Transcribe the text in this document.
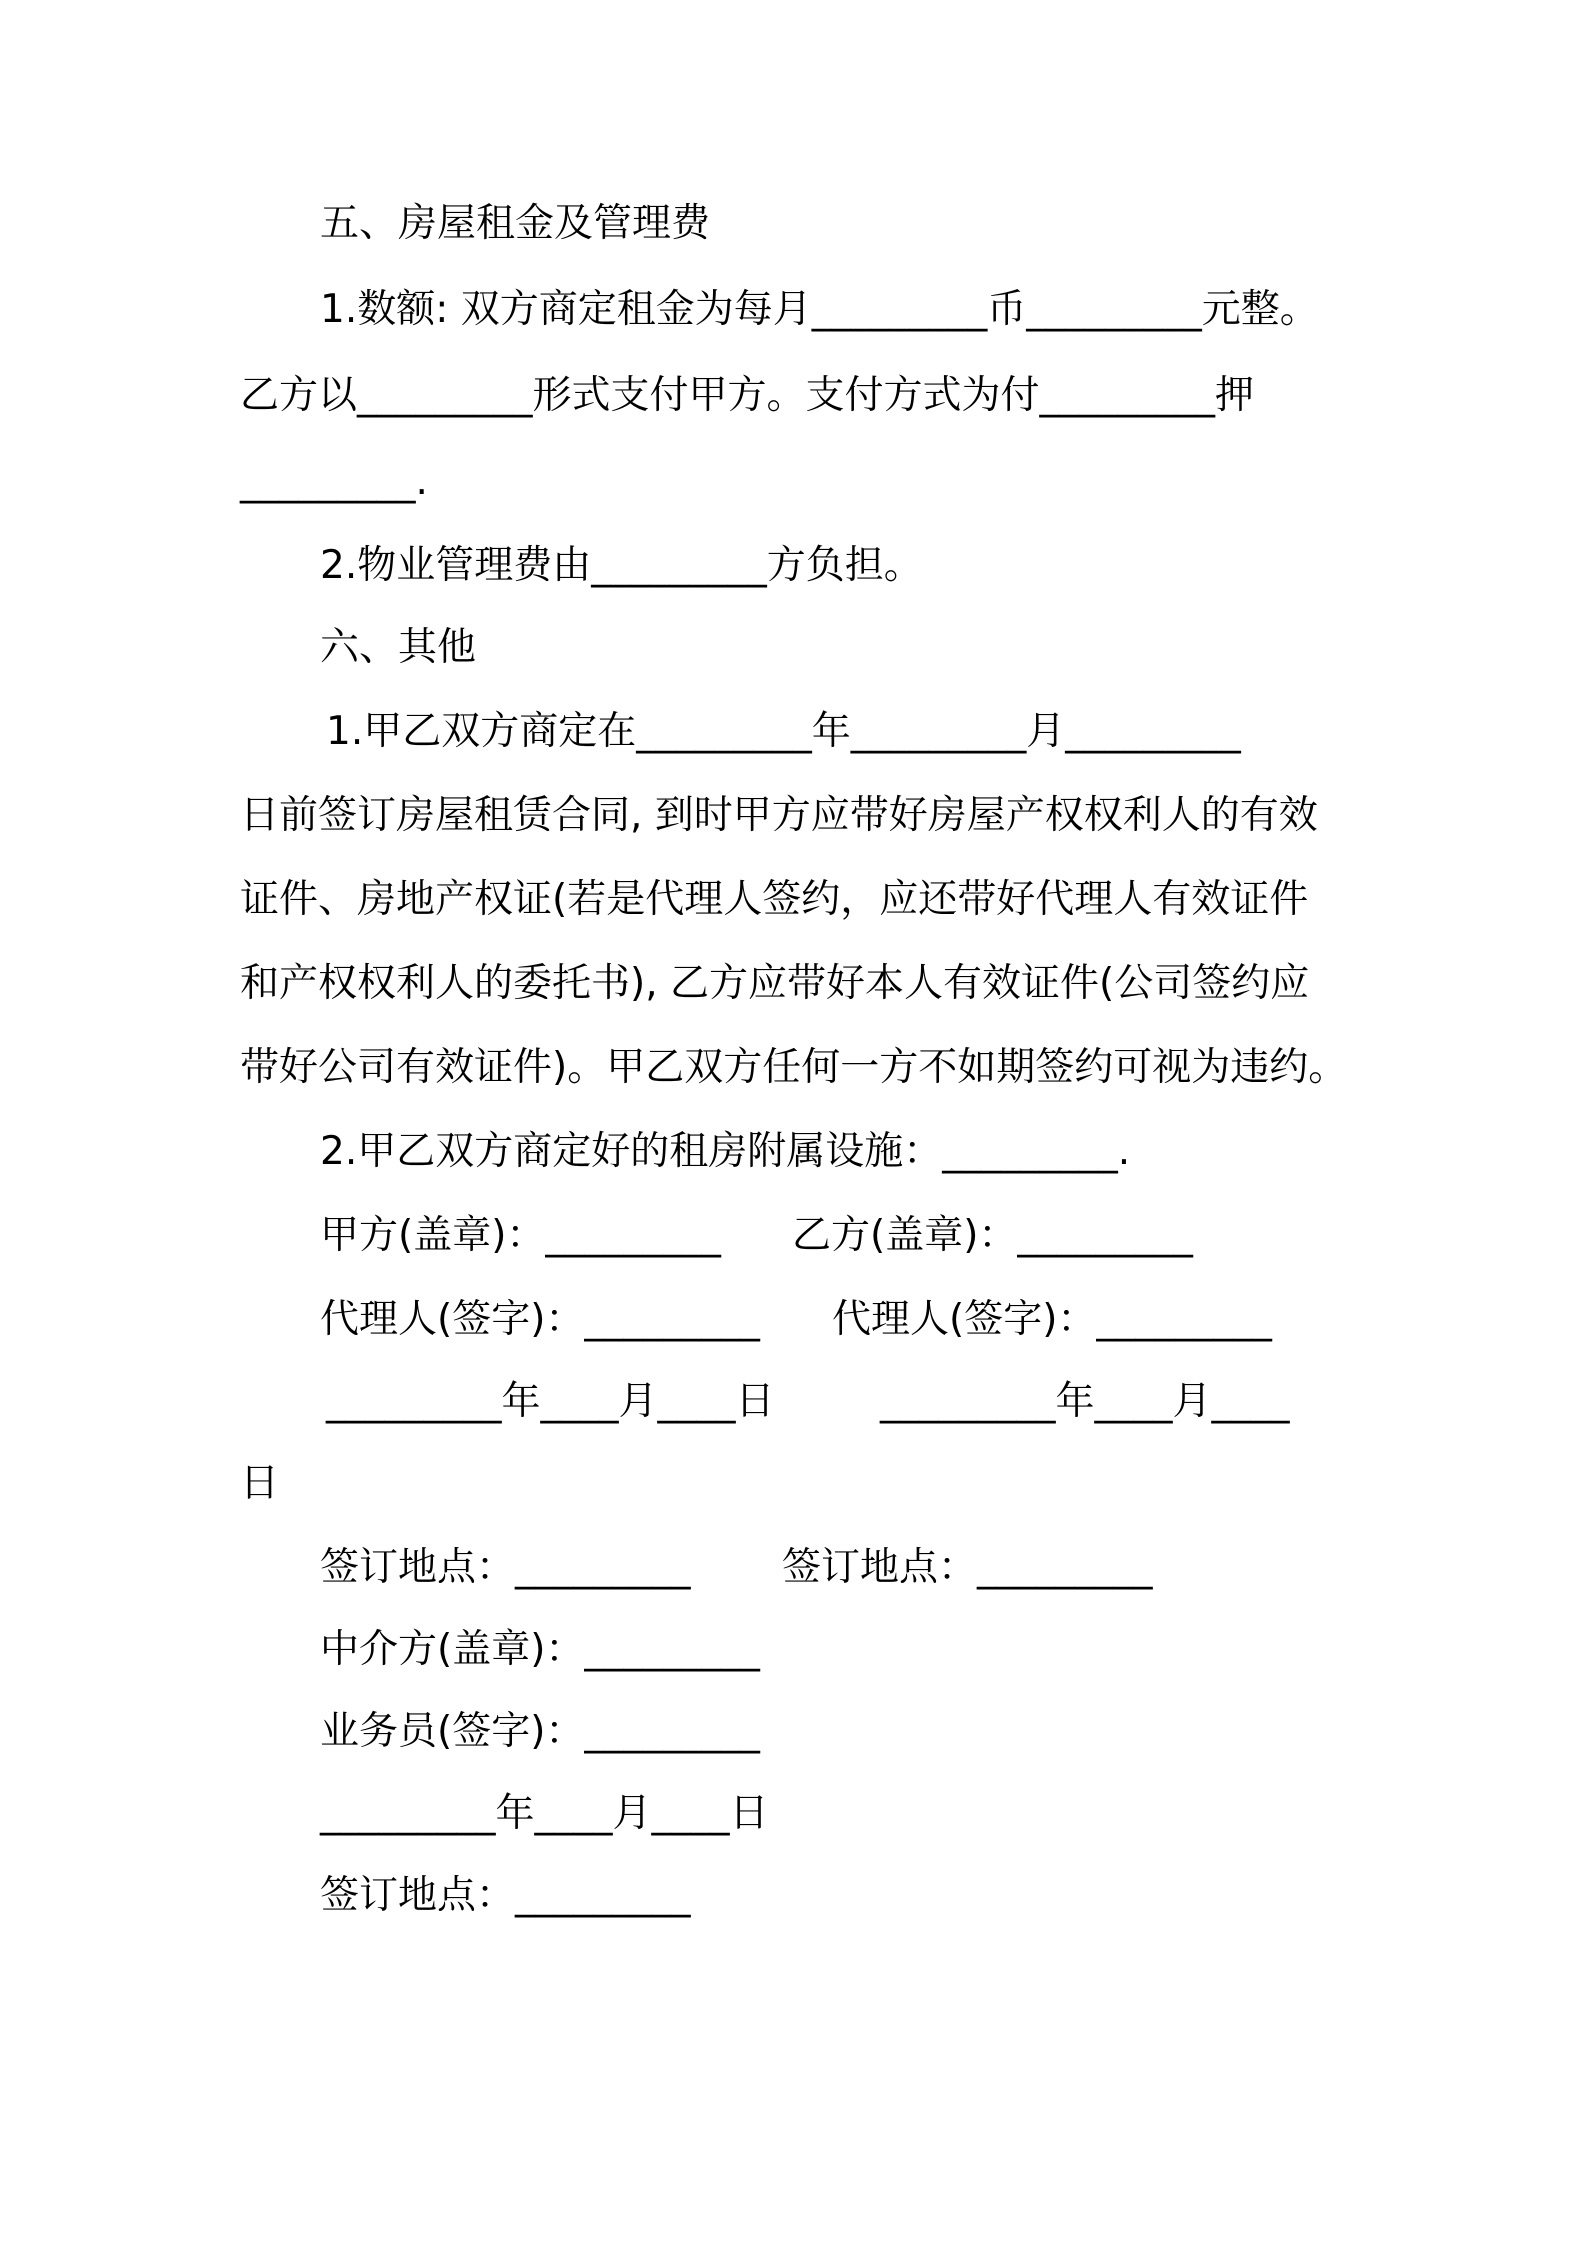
五、房屋租金及管理费
1.数额: 双方商定租金为每月_________币_________元整。
乙方以_________形式支付甲方。支付方式为付_________押
_________.
2.物业管理费由_________方负担。
六、其他
1.甲乙双方商定在_________年_________月_________
日前签订房屋租赁合同, 到时甲方应带好房屋产权权利人的有效
证件、房地产权证(若是代理人签约，应还带好代理人有效证件
和产权权利人的委托书), 乙方应带好本人有效证件(公司签约应
带好公司有效证件)。甲乙双方任何一方不如期签约可视为违约。
2.甲乙双方商定好的租房附属设施：_________.
甲方(盖章)：_________ 乙方(盖章)：_________
代理人(签字)：_________ 代理人(签字)：_________
_________年____月____日	_________年____月____
日
签订地点：_________ 签订地点：_________
中介方(盖章)：_________
业务员(签字)：_________
_________年____月____日
签订地点：_________
